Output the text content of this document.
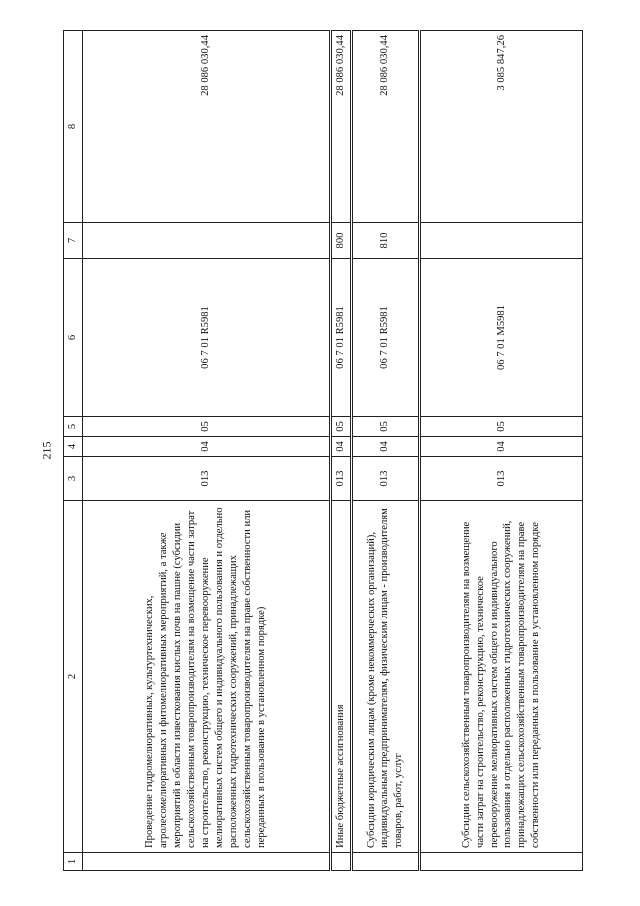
215
1	2	3	4	5	6	7	8
	Проведение гидромелиоративных, культуртехнических, агролесомелиоративных и фитомелиоративных мероприятий, а также мероприятий в области известкования кислых почв на пашне (субсидии сельскохозяйственным товаропроизводителям на возмещение части затрат на строительство, реконструкцию, техническое перевооружение мелиоративных систем общего и индивидуального пользования и отдельно расположенных гидротехнических сооружений, принадлежащих сельскохозяйственным товаропроизводителям на праве собственности или переданных в пользование в установленном порядке)	013	04	05	06 7 01 R5981		28 086 030,44
	Иные бюджетные ассигнования	013	04	05	06 7 01 R5981	800	28 086 030,44
	Субсидии юридическим лицам (кроме некоммерческих организаций), индивидуальным предпринимателям, физическим лицам - производителям товаров, работ, услуг	013	04	05	06 7 01 R5981	810	28 086 030,44
	Субсидии сельскохозяйственным товаропроизводителям на возмещение части затрат на строительство, реконструкцию, техническое перевооружение мелиоративных систем общего и индивидуального пользования и отдельно расположенных гидротехнических сооружений, принадлежащих сельскохозяйственным товаропроизводителям на праве собственности или переданных в пользование в установленном порядке	013	04	05	06 7 01 M5981		3 085 847,26
